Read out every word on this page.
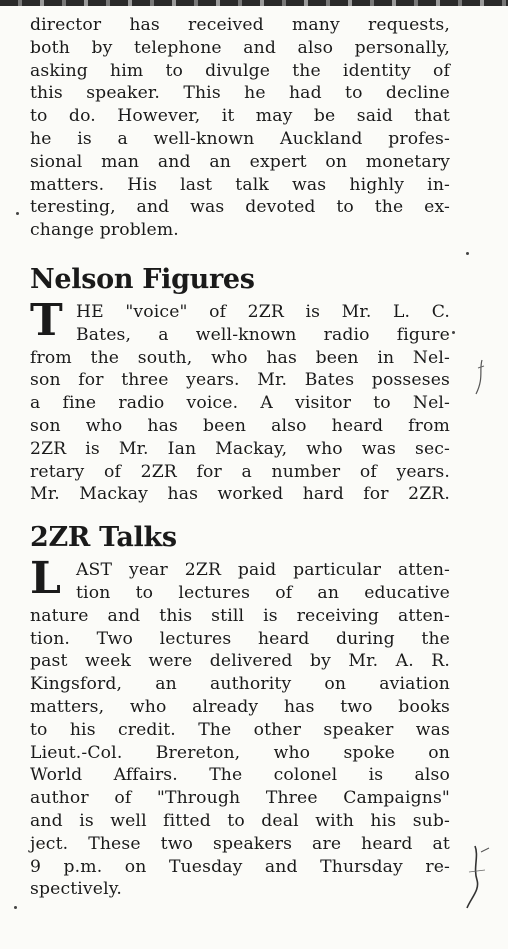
director has received many requests,
both by telephone and also personally,
asking him to divulge the identity of
this speaker. This he had to decline
to do. However, it may be said that
he is a well-known Auckland profes-
sional man and an expert on monetary
matters. His last talk was highly in-
teresting, and was devoted to the ex-
change problem.
Nelson Figures
T HE "voice" of 2ZR is Mr. L. C.
Bates, a well-known radio figure
from the south, who has been in Nel-
son for three years. Mr. Bates posseses
a fine radio voice. A visitor to Nel-
son who has been also heard from
2ZR is Mr. Ian Mackay, who was sec-
retary of 2ZR for a number of years.
Mr. Mackay has worked hard for 2ZR.
2ZR Talks
L AST year 2ZR paid particular atten-
tion to lectures of an educative
nature and this still is receiving atten-
tion. Two lectures heard during the
past week were delivered by Mr. A. R.
Kingsford, an authority on aviation
matters, who already has two books
to his credit. The other speaker was
Lieut.-Col. Brereton, who spoke on
World Affairs. The colonel is also
author of "Through Three Campaigns"
and is well fitted to deal with his sub-
ject. These two speakers are heard at
9 p.m. on Tuesday and Thursday re-
spectively.
